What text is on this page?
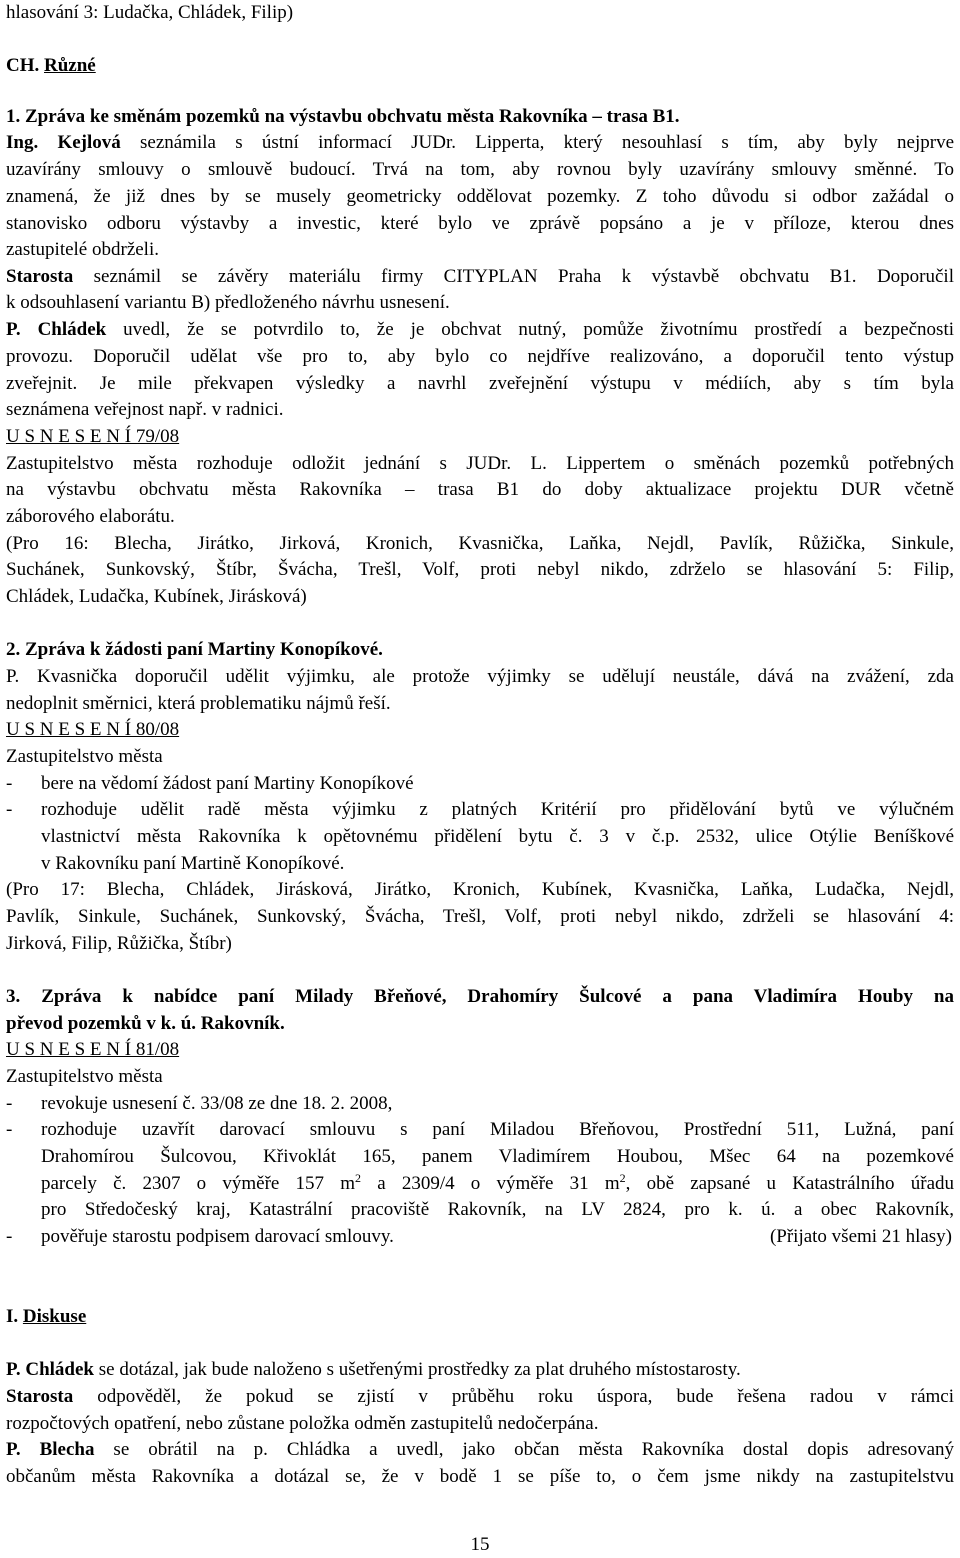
hlasování 3: Ludačka, Chládek, Filip)
CH. Různé
1. Zpráva ke směnám pozemků na výstavbu obchvatu města Rakovníka – trasa B1.
Ing. Kejlová seznámila s ústní informací JUDr. Lipperta, který nesouhlasí s tím, aby byly nejprve
uzavírány smlouvy o smlouvě budoucí. Trvá na tom, aby rovnou byly uzavírány smlouvy směnné. To
znamená, že již dnes by se musely geometricky oddělovat pozemky. Z toho důvodu si odbor zažádal o
stanovisko odboru výstavby a investic, které bylo ve zprávě popsáno a je v příloze, kterou dnes
zastupitelé obdrželi.
Starosta seznámil se závěry materiálu firmy CITYPLAN Praha k výstavbě obchvatu B1. Doporučil
k odsouhlasení variantu B) předloženého návrhu usnesení.
P. Chládek uvedl, že se potvrdilo to, že je obchvat nutný, pomůže životnímu prostředí a bezpečnosti
provozu. Doporučil udělat vše pro to, aby bylo co nejdříve realizováno, a doporučil tento výstup
zveřejnit. Je mile překvapen výsledky a navrhl zveřejnění výstupu v médiích, aby s tím byla
seznámena veřejnost např. v radnici.
U S N E S E N Í 79/08
Zastupitelstvo města rozhoduje odložit jednání s JUDr. L. Lippertem o směnách pozemků potřebných
na výstavbu obchvatu města Rakovníka – trasa B1 do doby aktualizace projektu DUR včetně
záborového elaborátu.
(Pro 16: Blecha, Jirátko, Jirková, Kronich, Kvasnička, Laňka, Nejdl, Pavlík, Růžička, Sinkule,
Suchánek, Sunkovský, Štíbr, Švácha, Trešl, Volf, proti nebyl nikdo, zdrželo se hlasování 5: Filip,
Chládek, Ludačka, Kubínek, Jirásková)
2. Zpráva k žádosti paní Martiny Konopíkové.
P. Kvasnička doporučil udělit výjimku, ale protože výjimky se udělují neustále, dává na zvážení, zda
nedoplnit směrnici, která problematiku nájmů řeší.
U S N E S E N Í 80/08
Zastupitelstvo města
-	bere na vědomí žádost paní Martiny Konopíkové
-	rozhoduje udělit radě města výjimku z platných Kritérií pro přidělování bytů ve výlučném
vlastnictví města Rakovníka k opětovnému přidělení bytu č. 3 v č.p. 2532, ulice Otýlie Beníškové
v Rakovníku paní Martině Konopíkové.
(Pro 17: Blecha, Chládek, Jirásková, Jirátko, Kronich, Kubínek, Kvasnička, Laňka, Ludačka, Nejdl,
Pavlík, Sinkule, Suchánek, Sunkovský, Švácha, Trešl, Volf, proti nebyl nikdo, zdrželi se hlasování 4:
Jirková, Filip, Růžička, Štíbr)
3. Zpráva k nabídce paní Milady Břeňové, Drahomíry Šulcové a pana Vladimíra Houby na
převod pozemků v k. ú. Rakovník.
U S N E S E N Í 81/08
Zastupitelstvo města
-	revokuje usnesení č. 33/08 ze dne 18. 2. 2008,
-	rozhoduje uzavřít darovací smlouvu s paní Miladou Břeňovou, Prostřední 511, Lužná, paní
Drahomírou Šulcovou, Křivoklát 165, panem Vladimírem Houbou, Mšec 64 na pozemkové
parcely č. 2307 o výměře 157 $m^2$ a 2309/4 o výměře 31 $m^2$, obě zapsané u Katastrálního úřadu
pro Středočeský kraj, Katastrální pracoviště Rakovník, na LV 2824, pro k. ú. a obec Rakovník,
-	pověřuje starostu podpisem darovací smlouvy.	(Přijato všemi 21 hlasy)
I. Diskuse
P. Chládek se dotázal, jak bude naloženo s ušetřenými prostředky za plat druhého místostarosty.
Starosta odpověděl, že pokud se zjistí v průběhu roku úspora, bude řešena radou v rámci
rozpočtových opatření, nebo zůstane položka odměn zastupitelů nedočerpána.
P. Blecha se obrátil na p. Chládka a uvedl, jako občan města Rakovníka dostal dopis adresovaný
občanům města Rakovníka a dotázal se, že v bodě 1 se píše to, o čem jsme nikdy na zastupitelstvu
15
